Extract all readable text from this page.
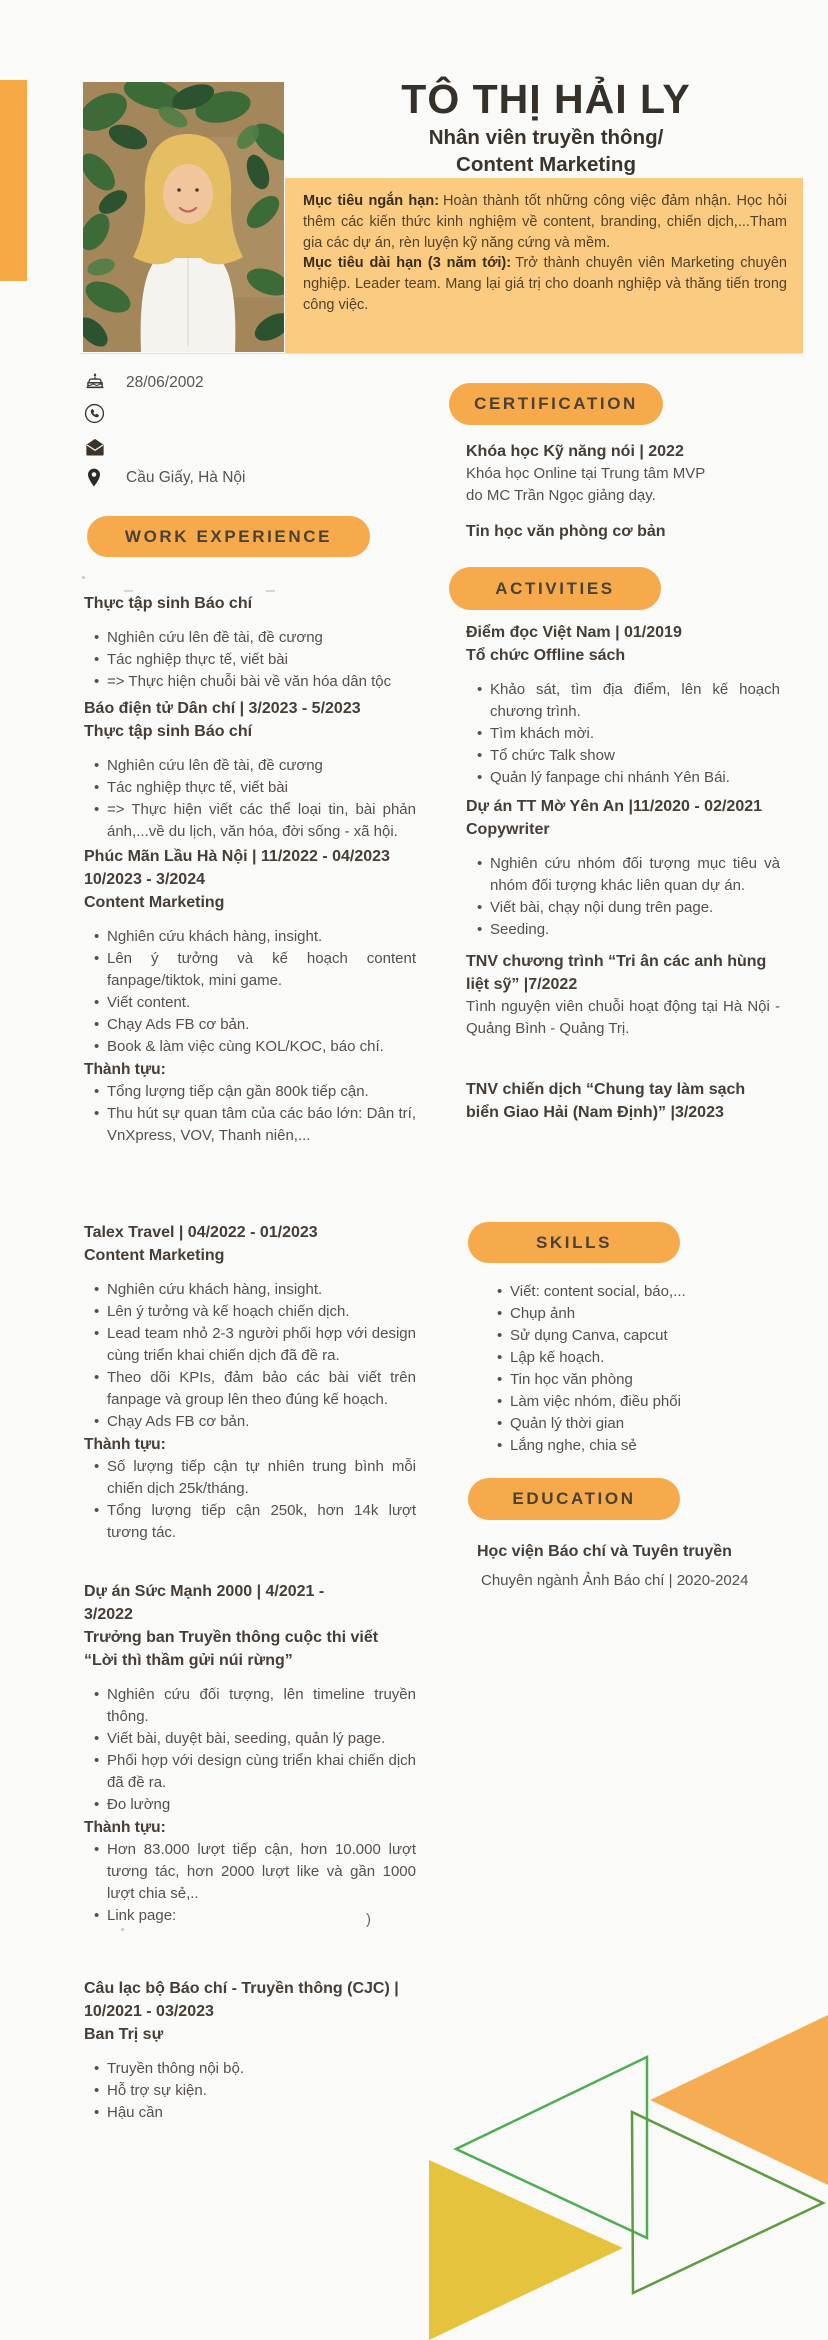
TÔ THỊ HẢI LY
Nhân viên truyền thông/
Content Marketing

Mục tiêu ngắn hạn: Hoàn thành tốt những công việc đảm nhận. Học hỏi thêm các kiến thức kinh nghiệm về content, branding, chiến dịch,...Tham gia các dự án, rèn luyện kỹ năng cứng và mềm.

Mục tiêu dài hạn (3 năm tới): Trở thành chuyên viên Marketing chuyên nghiệp. Leader team. Mang lại giá trị cho doanh nghiệp và thăng tiến trong công việc.

28/06/2002
Cầu Giấy, Hà Nội
WORK EXPERIENCE

Thực tập sinh Báo chí

• Nghiên cứu lên đề tài, đề cương
• Tác nghiệp thực tế, viết bài
• => Thực hiện chuỗi bài về văn hóa dân tộc

Báo điện tử Dân chí | 3/2023 - 5/2023

Thực tập sinh Báo chí

• Nghiên cứu lên đề tài, đề cương
• Tác nghiệp thực tế, viết bài
• => Thực hiện viết các thể loại tin, bài phản ánh,...về du lịch, văn hóa, đời sống - xã hội.

Phúc Mãn Lầu Hà Nội | 11/2022 - 04/2023

10/2023 - 3/2024

Content Marketing

• Nghiên cứu khách hàng, insight.
• Lên ý tưởng và kế hoạch content fanpage/tiktok, mini game.
• Viết content.
• Chạy Ads FB cơ bản.
• Book & làm việc cùng KOL/KOC, báo chí.

Thành tựu:

• Tổng lượng tiếp cận gần 800k tiếp cận.
• Thu hút sự quan tâm của các báo lớn: Dân trí, VnXpress, VOV, Thanh niên,...

Talex Travel | 04/2022 - 01/2023

Content Marketing

• Nghiên cứu khách hàng, insight.
• Lên ý tưởng và kế hoạch chiến dịch.
• Lead team nhỏ 2-3 người phối hợp với design cùng triển khai chiến dịch đã đề ra.
• Theo dõi KPIs, đảm bảo các bài viết trên fanpage và group lên theo đúng kế hoạch.
• Chạy Ads FB cơ bản.

Thành tựu:

• Số lượng tiếp cận tự nhiên trung bình mỗi chiến dịch 25k/tháng.
• Tổng lượng tiếp cận 250k, hơn 14k lượt tương tác.

Dự án Sức Mạnh 2000 | 4/2021 -

3/2022

Trưởng ban Truyền thông cuộc thi viết “Lời thì thầm gửi núi rừng”

• Nghiên cứu đối tượng, lên timeline truyền thông.
• Viết bài, duyệt bài, seeding, quản lý page.
• Phối hợp với design cùng triển khai chiến dịch đã đề ra.
• Đo lường

Thành tựu:

• Hơn 83.000 lượt tiếp cận, hơn 10.000 lượt tương tác, hơn 2000 lượt like và gần 1000 lượt chia sẻ,..
• Link page:	)

Câu lạc bộ Báo chí - Truyền thông (CJC) |

10/2021 - 03/2023

Ban Trị sự

• Truyền thông nội bộ.
• Hỗ trợ sự kiện.
• Hậu cần
CERTIFICATION

Khóa học Kỹ năng nói | 2022

Khóa học Online tại Trung tâm MVP

do MC Trần Ngọc giảng dạy.

Tin học văn phòng cơ bản

ACTIVITIES

Điểm đọc Việt Nam | 01/2019

Tổ chức Offline sách

• Khảo sát, tìm địa điểm, lên kế hoạch chương trình.
• Tìm khách mời.
• Tổ chức Talk show
• Quản lý fanpage chi nhánh Yên Bái.

Dự án TT Mờ Yên An |11/2020 - 02/2021

Copywriter

• Nghiên cứu nhóm đối tượng mục tiêu và nhóm đối tượng khác liên quan dự án.
• Viết bài, chạy nội dung trên page.
• Seeding.

TNV chương trình “Tri ân các anh hùng liệt sỹ” |7/2022

Tình nguyện viên chuỗi hoạt động tại Hà Nội - Quảng Bình - Quảng Trị.

TNV chiến dịch “Chung tay làm sạch biển Giao Hải (Nam Định)” |3/2023

SKILLS
• Viết: content social, báo,...
• Chụp ảnh
• Sử dụng Canva, capcut
• Lập kế hoạch.
• Tin học văn phòng
• Làm việc nhóm, điều phối
• Quản lý thời gian
• Lắng nghe, chia sẻ
EDUCATION

Học viện Báo chí và Tuyên truyền

Chuyên ngành Ảnh Báo chí | 2020-2024
